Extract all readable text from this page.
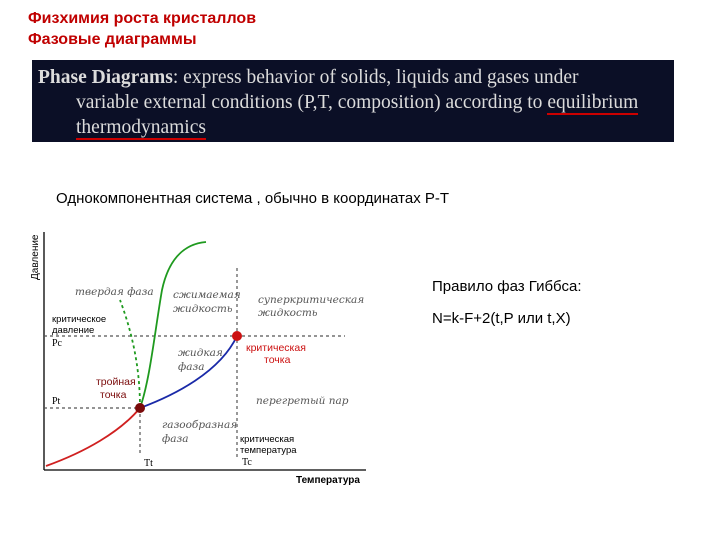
Физхимия роста кристаллов
Фазовые диаграммы
Phase Diagrams: express behavior of solids, liquids and gases under
variable external conditions (P,T, composition) according to equilibrium
thermodynamics
Однокомпонентная система , обычно в координатах P-T
Правило фаз Гиббса:
N=k-F+2(t,P или t,X)
Давление
Температура
твердая фаза сжимаемая
жидкость
суперкритическая
жидкость
критическое
давление
Pc
Pt
жидкая
фаза
критическая
точка
тройная
точка	перегретый пар
газообразная
фаза	критическая
температура
Tc
Tt
